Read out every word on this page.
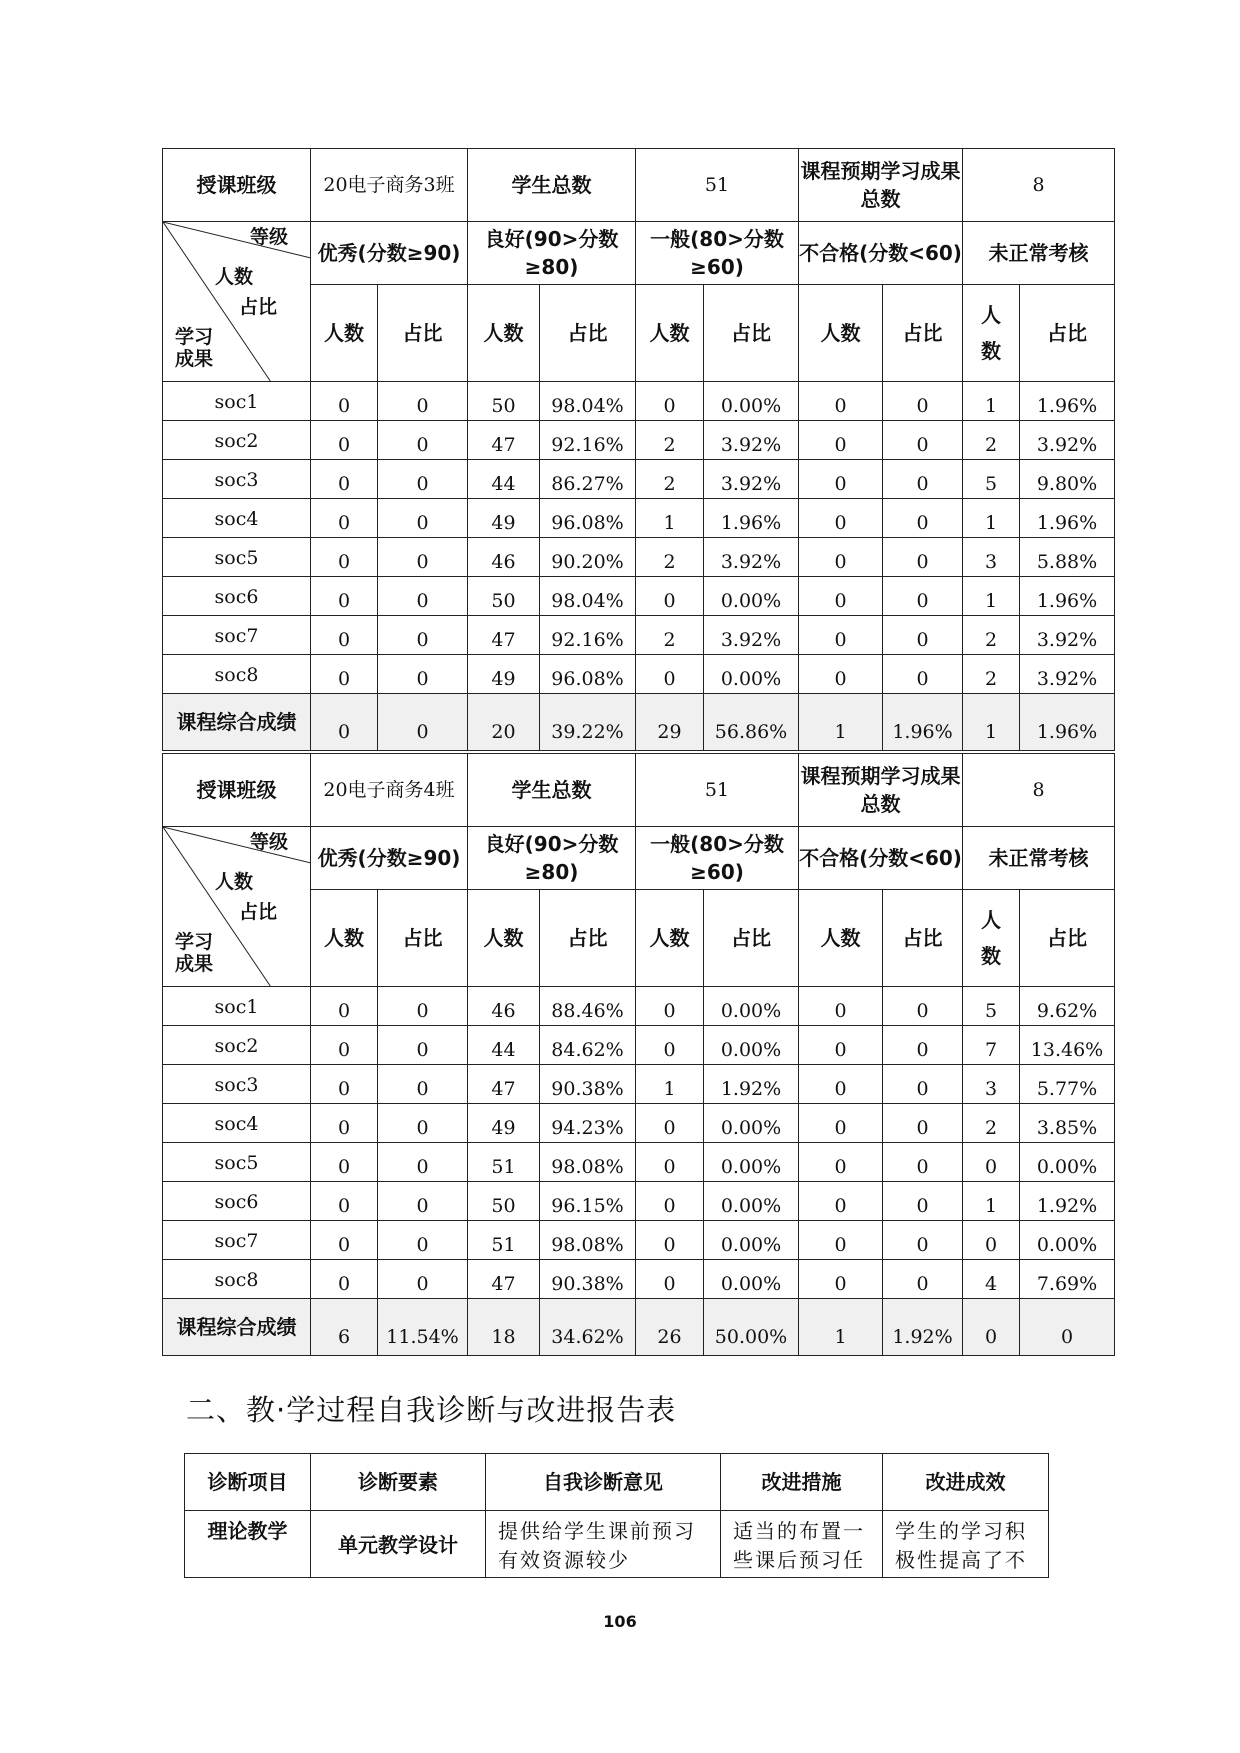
授课班级	20电子商务3班		学生总数		51		课程预期学习成果总数		8	

等级
人数
占比
学习
成果	优秀(分数≥90)		良好(90>分数≥80)		一般(80>分数≥60)		不合格(分数<60)		未正常考核	
	人数	占比	人数	占比	人数	占比	人数	占比	人数	占比
soc1	0	0	50	98.04%	0	0.00%	0	0	1	1.96%
soc2	0	0	47	92.16%	2	3.92%	0	0	2	3.92%
soc3	0	0	44	86.27%	2	3.92%	0	0	5	9.80%
soc4	0	0	49	96.08%	1	1.96%	0	0	1	1.96%
soc5	0	0	46	90.20%	2	3.92%	0	0	3	5.88%
soc6	0	0	50	98.04%	0	0.00%	0	0	1	1.96%
soc7	0	0	47	92.16%	2	3.92%	0	0	2	3.92%
soc8	0	0	49	96.08%	0	0.00%	0	0	2	3.92%
课程综合成绩	0	0	20	39.22%	29	56.86%	1	1.96%	1	1.96%
授课班级	20电子商务4班		学生总数		51		课程预期学习成果总数		8	

等级
人数
占比
学习
成果	优秀(分数≥90)		良好(90>分数≥80)		一般(80>分数≥60)		不合格(分数<60)		未正常考核	
	人数	占比	人数	占比	人数	占比	人数	占比	人数	占比
soc1	0	0	46	88.46%	0	0.00%	0	0	5	9.62%
soc2	0	0	44	84.62%	0	0.00%	0	0	7	13.46%
soc3	0	0	47	90.38%	1	1.92%	0	0	3	5.77%
soc4	0	0	49	94.23%	0	0.00%	0	0	2	3.85%
soc5	0	0	51	98.08%	0	0.00%	0	0	0	0.00%
soc6	0	0	50	96.15%	0	0.00%	0	0	1	1.92%
soc7	0	0	51	98.08%	0	0.00%	0	0	0	0.00%
soc8	0	0	47	90.38%	0	0.00%	0	0	4	7.69%
课程综合成绩	6	11.54%	18	34.62%	26	50.00%	1	1.92%	0	0
二、教·学过程自我诊断与改进报告表
诊断项目	诊断要素	自我诊断意见	改进措施	改进成效
理论教学	单元教学设计	提供给学生课前预习有效资源较少	适当的布置一些课后预习任	学生的学习积极性提高了不
106
